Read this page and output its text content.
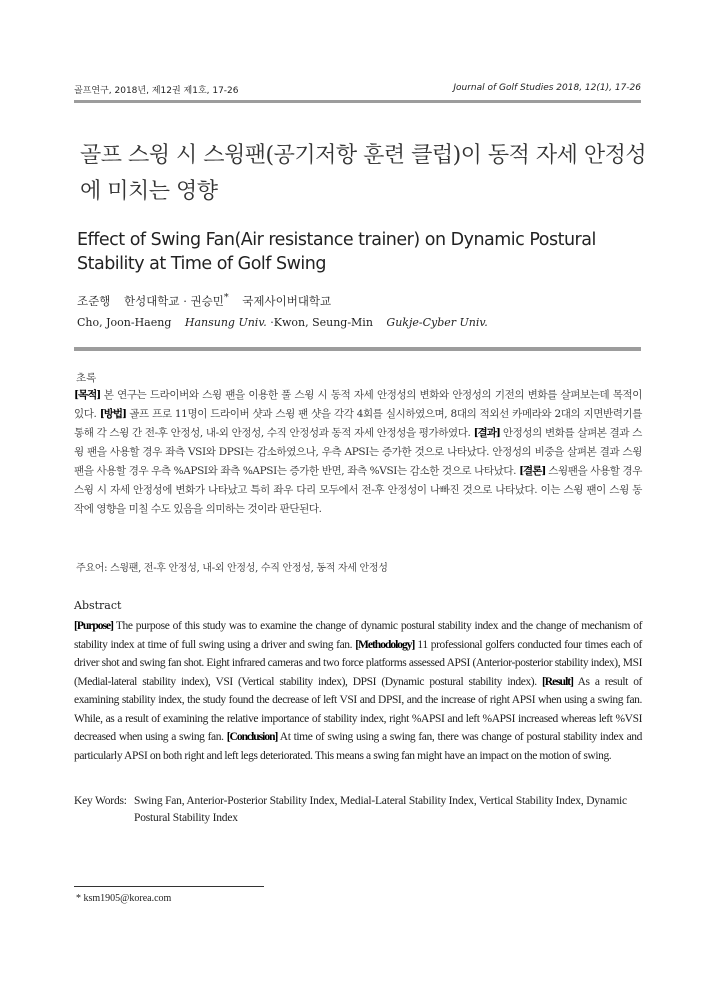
골프연구, 2018년, 제12권 제1호, 17-26	Journal of Golf Studies 2018, 12(1), 17-26
골프 스윙 시 스윙팬(공기저항 훈련 클럽)이 동적 자세 안정성에 미치는 영향
Effect of Swing Fan(Air resistance trainer) on Dynamic Postural Stability at Time of Golf Swing
조준행 한성대학교 · 권승민* 국제사이버대학교
Cho, Joon-Haeng Hansung Univ. ·Kwon, Seung-Min Gukje-Cyber Univ.
초록
[목적] 본 연구는 드라이버와 스윙 팬을 이용한 풀 스윙 시 동적 자세 안정성의 변화와 안정성의 기전의 변화를 살펴보는데 목적이 있다. [방법] 골프 프로 11명이 드라이버 샷과 스윙 팬 샷을 각각 4회를 실시하였으며, 8대의 적외선 카메라와 2대의 지면반력기를 통해 각 스윙 간 전-후 안정성, 내-외 안정성, 수직 안정성과 동적 자세 안정성을 평가하였다. [결과] 안정성의 변화를 살펴본 결과 스윙 팬을 사용할 경우 좌측 VSI와 DPSI는 감소하였으나, 우측 APSI는 증가한 것으로 나타났다. 안정성의 비중을 살펴본 결과 스윙 팬을 사용할 경우 우측 %APSI와 좌측 %APSI는 증가한 반면, 좌측 %VSI는 감소한 것으로 나타났다. [결론] 스윙팬을 사용할 경우 스윙 시 자세 안정성에 변화가 나타났고 특히 좌우 다리 모두에서 전-후 안정성이 나빠진 것으로 나타났다. 이는 스윙 팬이 스윙 동작에 영향을 미칠 수도 있음을 의미하는 것이라 판단된다.
주요어: 스윙팬, 전-후 안정성, 내-외 안정성, 수직 안정성, 동적 자세 안정성
Abstract
[Purpose] The purpose of this study was to examine the change of dynamic postural stability index and the change of mechanism of stability index at time of full swing using a driver and swing fan. [Methodology] 11 professional golfers conducted four times each of driver shot and swing fan shot. Eight infrared cameras and two force platforms assessed APSI (Anterior-posterior stability index), MSI (Medial-lateral stability index), VSI (Vertical stability index), DPSI (Dynamic postural stability index). [Result] As a result of examining stability index, the study found the decrease of left VSI and DPSI, and the increase of right APSI when using a swing fan. While, as a result of examining the relative importance of stability index, right %APSI and left %APSI increased whereas left %VSI decreased when using a swing fan. [Conclusion] At time of swing using a swing fan, there was change of postural stability index and particularly APSI on both right and left legs deteriorated. This means a swing fan might have an impact on the motion of swing.
Key Words: Swing Fan, Anterior-Posterior Stability Index, Medial-Lateral Stability Index, Vertical Stability Index, Dynamic Postural Stability Index
* ksm1905@korea.com
